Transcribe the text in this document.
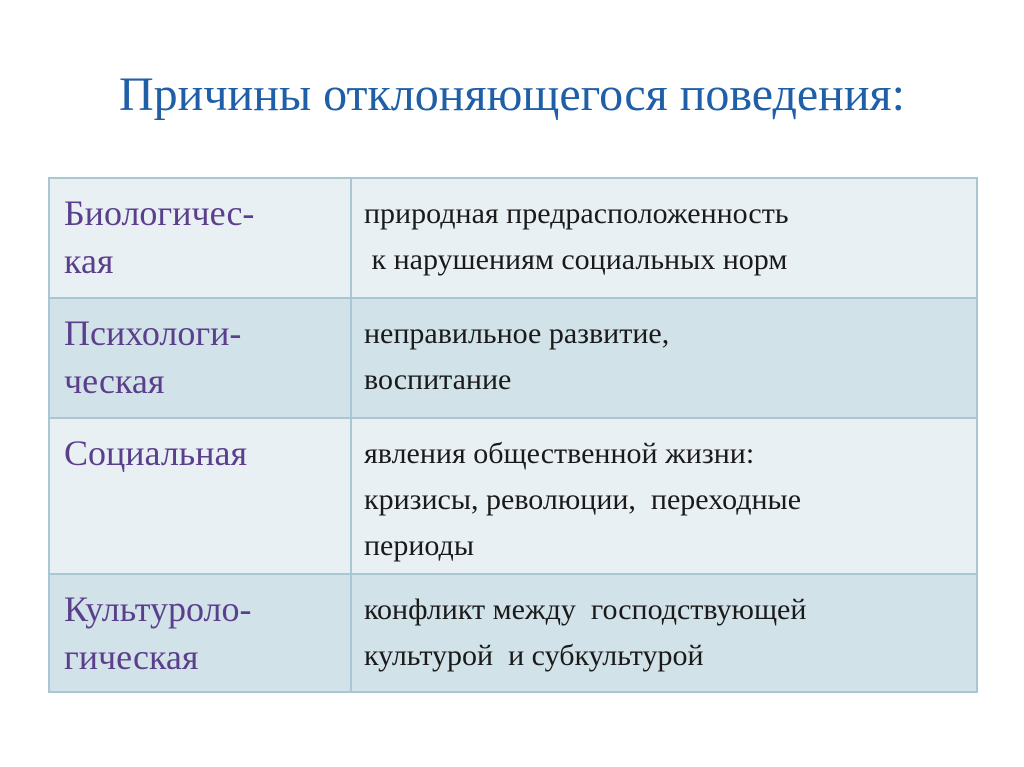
Причины отклоняющегося поведения:
Биологичес-
кая	природная предрасположенность
к нарушениям социальных норм

Психологи-
ческая	неправильное развитие,
воспитание

Социальная	явления общественной жизни:
кризисы, революции,  переходные
периоды

Культуроло-
гическая	конфликт между  господствующей
культурой  и субкультурой
